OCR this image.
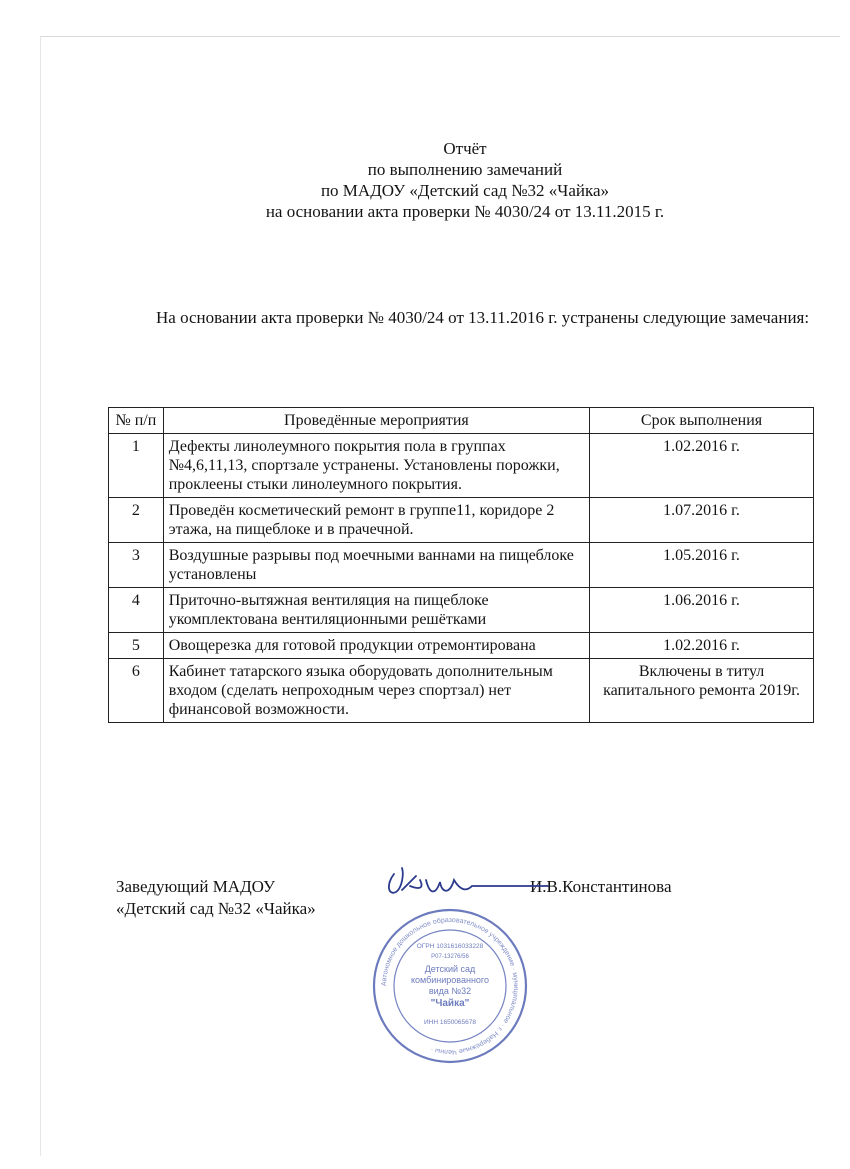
Отчёт
по выполнению замечаний
по МАДОУ «Детский сад №32 «Чайка»
на основании акта проверки № 4030/24 от 13.11.2015 г.
На основании акта проверки № 4030/24 от 13.11.2016 г. устранены следующие замечания:
№ п/п	Проведённые мероприятия	Срок выполнения
1	Дефекты линолеумного покрытия пола в группах №4,6,11,13, спортзале устранены. Установлены порожки, проклеены стыки линолеумного покрытия.	1.02.2016 г.
2	Проведён косметический ремонт в группе11, коридоре 2 этажа, на пищеблоке и в прачечной.	1.07.2016 г.
3	Воздушные разрывы под моечными ваннами на пищеблоке установлены	1.05.2016 г.
4	Приточно-вытяжная вентиляция на пищеблоке укомплектована вентиляционными решётками	1.06.2016 г.
5	Овощерезка для готовой продукции отремонтирована	1.02.2016 г.
6	Кабинет татарского языка оборудовать дополнительным входом (сделать непроходным через спортзал) нет финансовой возможности.	Включены в титул капитального ремонта 2019г.
Заведующий МАДОУ
«Детский сад №32 «Чайка»
И.В.Константинова
Автономное дошкольное образовательное учреждение · муниципальное · г. Набережные Челны ·
ОГРН 1031616033228
Р07-13276/56
Детский сад
комбинированного
вида №32
"Чайка"
ИНН 1650065678
